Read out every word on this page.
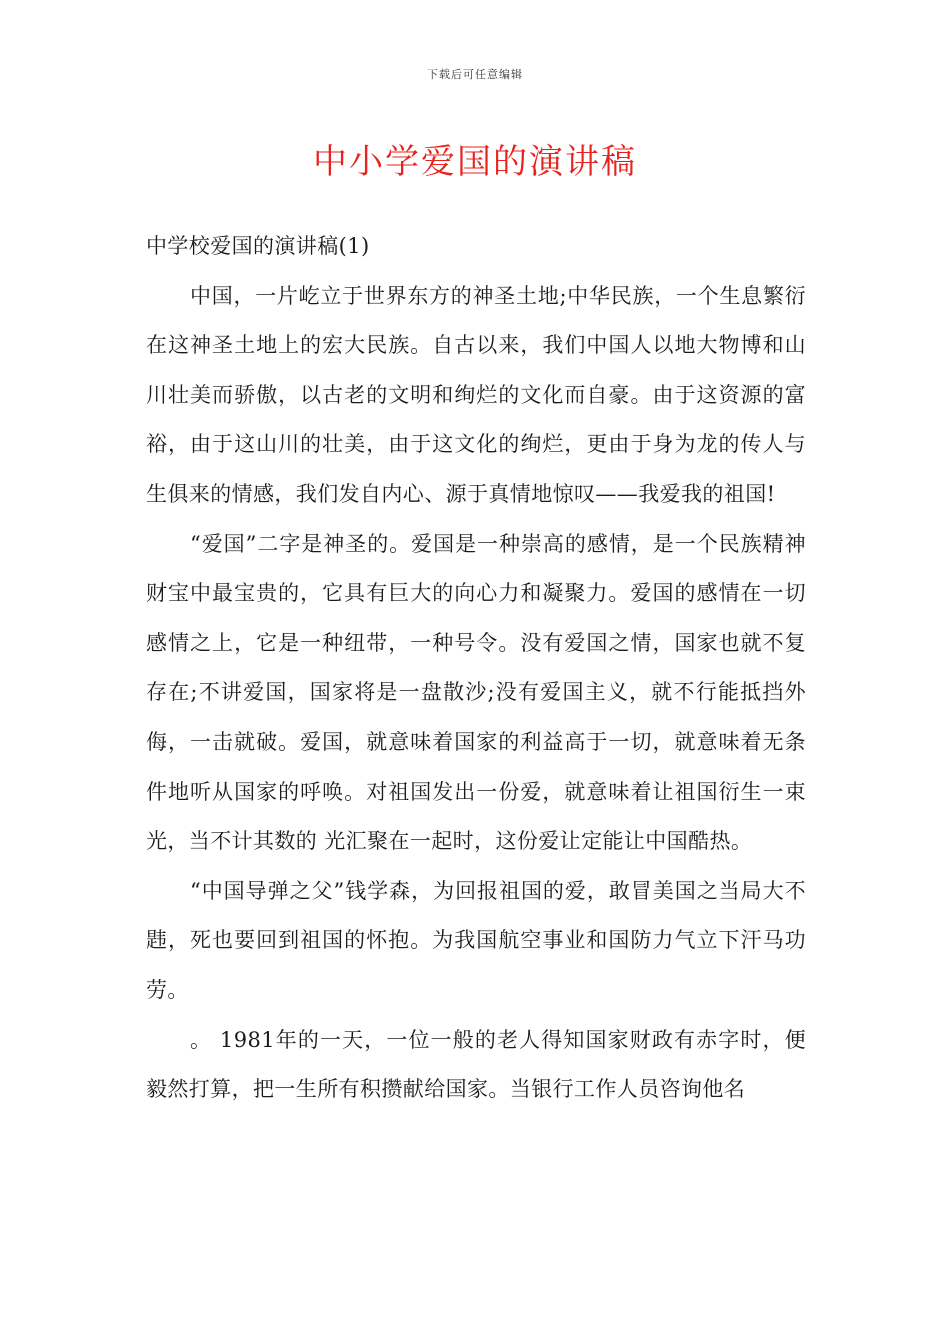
下载后可任意编辑
中小学爱国的演讲稿

中学校爱国的演讲稿(1)

中国，一片屹立于世界东方的神圣土地;中华民族，一个生息繁衍在这神圣土地上的宏大民族。自古以来，我们中国人以地大物博和山川壮美而骄傲，以古老的文明和绚烂的文化而自豪。由于这资源的富裕，由于这山川的壮美，由于这文化的绚烂，更由于身为龙的传人与生俱来的情感，我们发自内心、源于真情地惊叹——我爱我的祖国!

“爱国”二字是神圣的。爱国是一种崇高的感情，是一个民族精神财宝中最宝贵的，它具有巨大的向心力和凝聚力。爱国的感情在一切感情之上，它是一种纽带，一种号令。没有爱国之情，国家也就不复存在;不讲爱国，国家将是一盘散沙;没有爱国主义，就不行能抵挡外侮，一击就破。爱国，就意味着国家的利益高于一切，就意味着无条件地听从国家的呼唤。对祖国发出一份爱，就意味着让祖国衍生一束光，当不计其数的 光汇聚在一起时，这份爱让定能让中国酷热。

“中国导弹之父”钱学森，为回报祖国的爱，敢冒美国之当局大不韪，死也要回到祖国的怀抱。为我国航空事业和国防力气立下汗马功劳。

。 1981年的一天，一位一般的老人得知国家财政有赤字时，便毅然打算，把一生所有积攒献给国家。当银行工作人员咨询他名
